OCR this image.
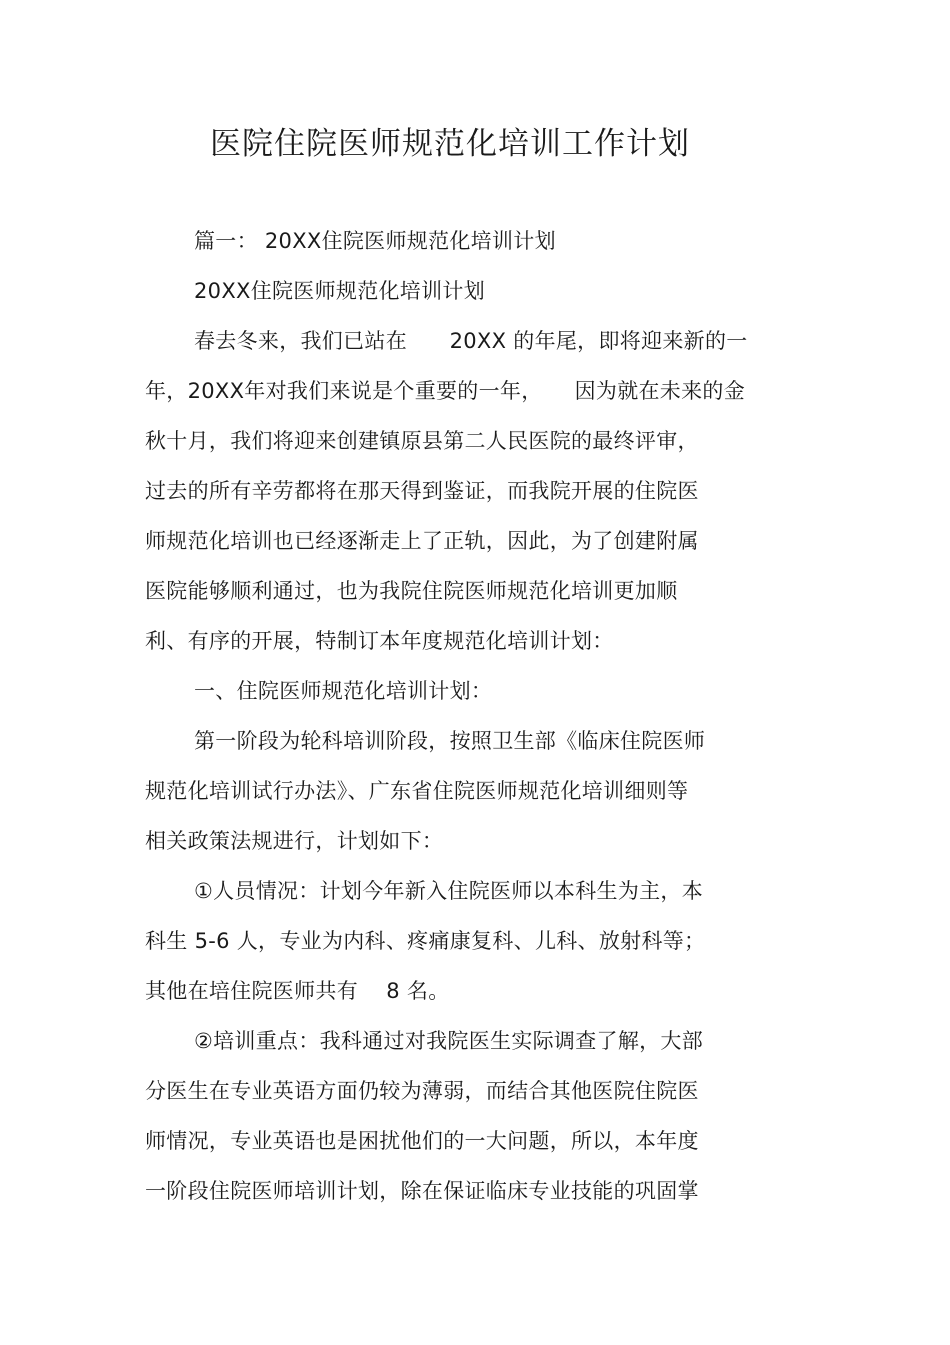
医院住院医师规范化培训工作计划
篇一： 20XX住院医师规范化培训计划
20XX住院医师规范化培训计划
春去冬来，我们已站在　　20XX 的年尾，即将迎来新的一
年，20XX年对我们来说是个重要的一年，　　因为就在未来的金
秋十月，我们将迎来创建镇原县第二人民医院的最终评审，
过去的所有辛劳都将在那天得到鉴证，而我院开展的住院医
师规范化培训也已经逐渐走上了正轨，因此，为了创建附属
医院能够顺利通过，也为我院住院医师规范化培训更加顺
利、有序的开展，特制订本年度规范化培训计划：
一、住院医师规范化培训计划：
第一阶段为轮科培训阶段，按照卫生部《临床住院医师
规范化培训试行办法》、广东省住院医师规范化培训细则等
相关政策法规进行，计划如下：
①人员情况：计划今年新入住院医师以本科生为主，本
科生 5-6 人，专业为内科、疼痛康复科、儿科、放射科等；
其他在培住院医师共有　 8 名。
②培训重点：我科通过对我院医生实际调查了解，大部
分医生在专业英语方面仍较为薄弱，而结合其他医院住院医
师情况，专业英语也是困扰他们的一大问题，所以，本年度
一阶段住院医师培训计划，除在保证临床专业技能的巩固掌
